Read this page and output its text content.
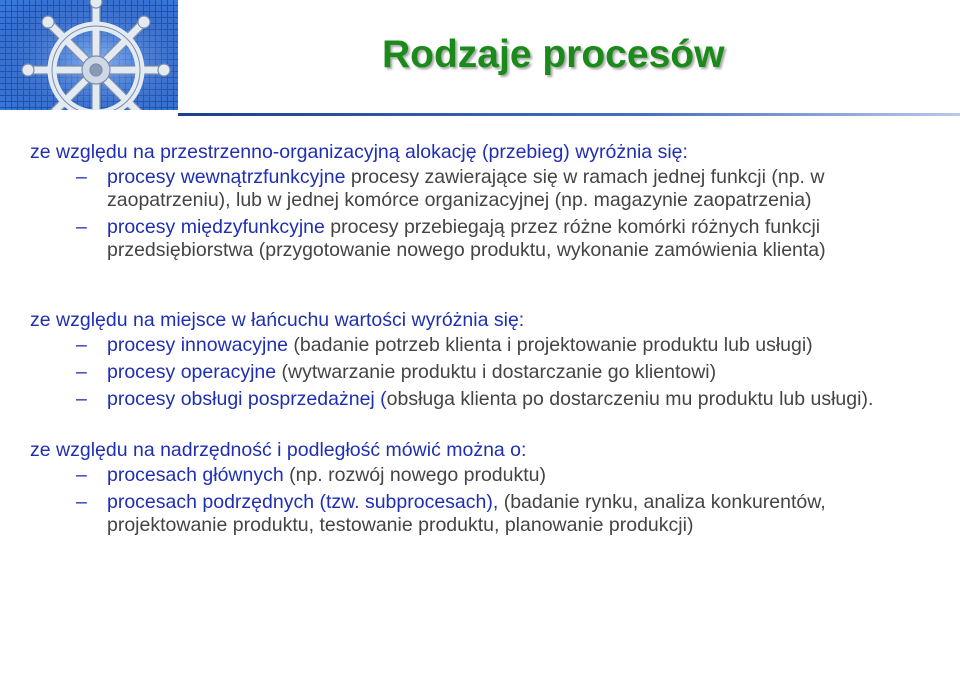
Rodzaje procesów

ze względu na przestrzenno-organizacyjną alokację (przebieg) wyróżnia się:

– procesy wewnątrzfunkcyjne procesy zawierające się w ramach jednej funkcji (np. w zaopatrzeniu), lub w jednej komórce organizacyjnej (np. magazynie zaopatrzenia)
– procesy międzyfunkcyjne procesy przebiegają przez różne komórki różnych funkcji przedsiębiorstwa (przygotowanie nowego produktu, wykonanie zamówienia klienta)

ze względu na miejsce w łańcuchu wartości wyróżnia się:

– procesy innowacyjne (badanie potrzeb klienta i projektowanie produktu lub usługi)
– procesy operacyjne (wytwarzanie produktu i dostarczanie go klientowi)
– procesy obsługi posprzedażnej (obsługa klienta po dostarczeniu mu produktu lub usługi).

ze względu na nadrzędność i podległość mówić można o:

– procesach głównych (np. rozwój nowego produktu)
– procesach podrzędnych (tzw. subprocesach), (badanie rynku, analiza konkurentów, projektowanie produktu, testowanie produktu, planowanie produkcji)
